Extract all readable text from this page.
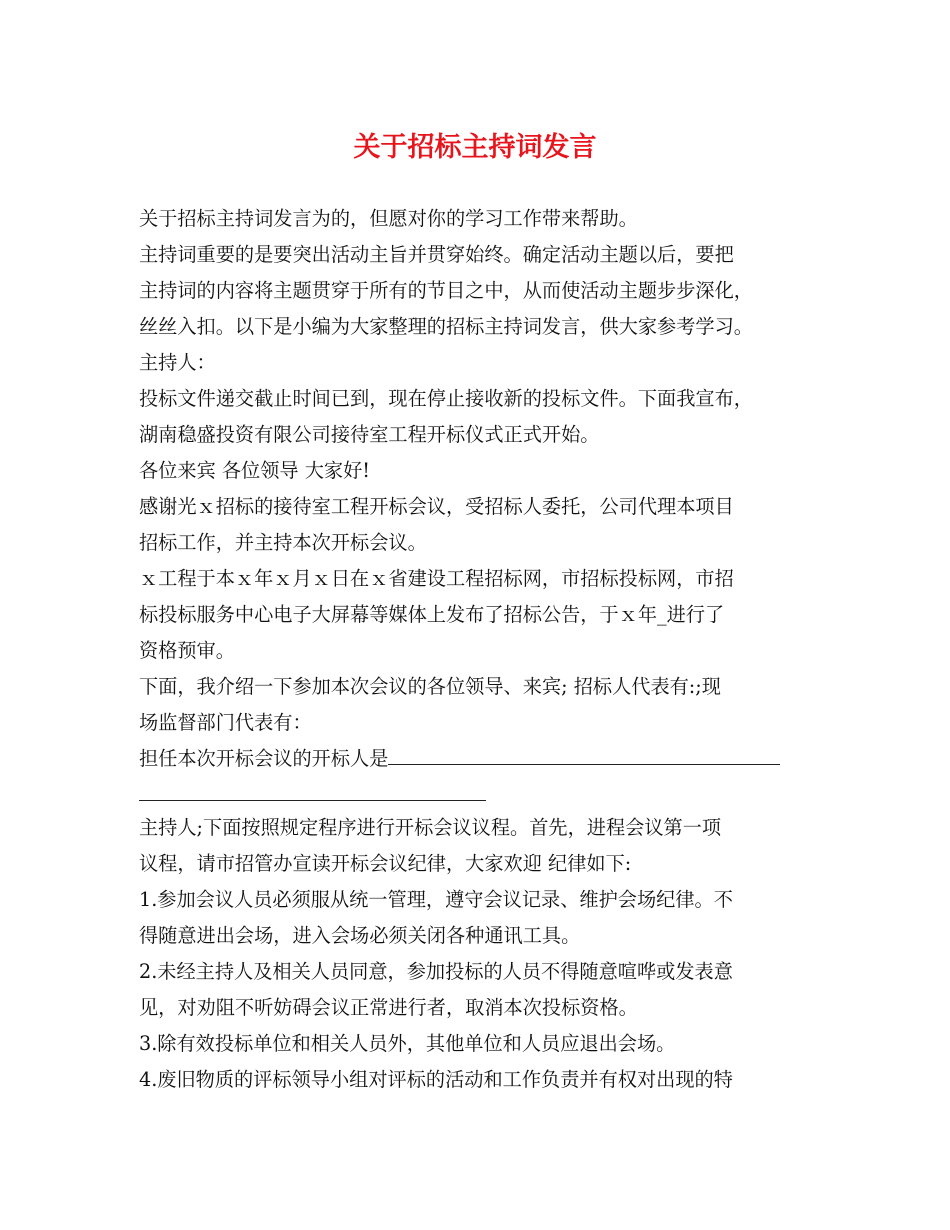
关于招标主持词发言

关于招标主持词发言为的，但愿对你的学习工作带来帮助。

主持词重要的是要突出活动主旨并贯穿始终。确定活动主题以后，要把

主持词的内容将主题贯穿于所有的节目之中，从而使活动主题步步深化，

丝丝入扣。以下是小编为大家整理的招标主持词发言，供大家参考学习。

主持人：

投标文件递交截止时间已到，现在停止接收新的投标文件。下面我宣布，

湖南稳盛投资有限公司接待室工程开标仪式正式开始。

各位来宾 各位领导 大家好!

感谢光ｘ招标的接待室工程开标会议，受招标人委托，公司代理本项目

招标工作，并主持本次开标会议。

ｘ工程于本ｘ年ｘ月ｘ日在ｘ省建设工程招标网，市招标投标网，市招

标投标服务中心电子大屏幕等媒体上发布了招标公告，于ｘ年_进行了

资格预审。

下面，我介绍一下参加本次会议的各位领导、来宾; 招标人代表有:;现

场监督部门代表有：

担任本次开标会议的开标人是

主持人;下面按照规定程序进行开标会议议程。首先，进程会议第一项

议程，请市招管办宣读开标会议纪律，大家欢迎 纪律如下:

1.参加会议人员必须服从统一管理，遵守会议记录、维护会场纪律。不

得随意进出会场，进入会场必须关闭各种通讯工具。

2.未经主持人及相关人员同意，参加投标的人员不得随意喧哗或发表意

见，对劝阻不听妨碍会议正常进行者，取消本次投标资格。

3.除有效投标单位和相关人员外，其他单位和人员应退出会场。

4.废旧物质的评标领导小组对评标的活动和工作负责并有权对出现的特
